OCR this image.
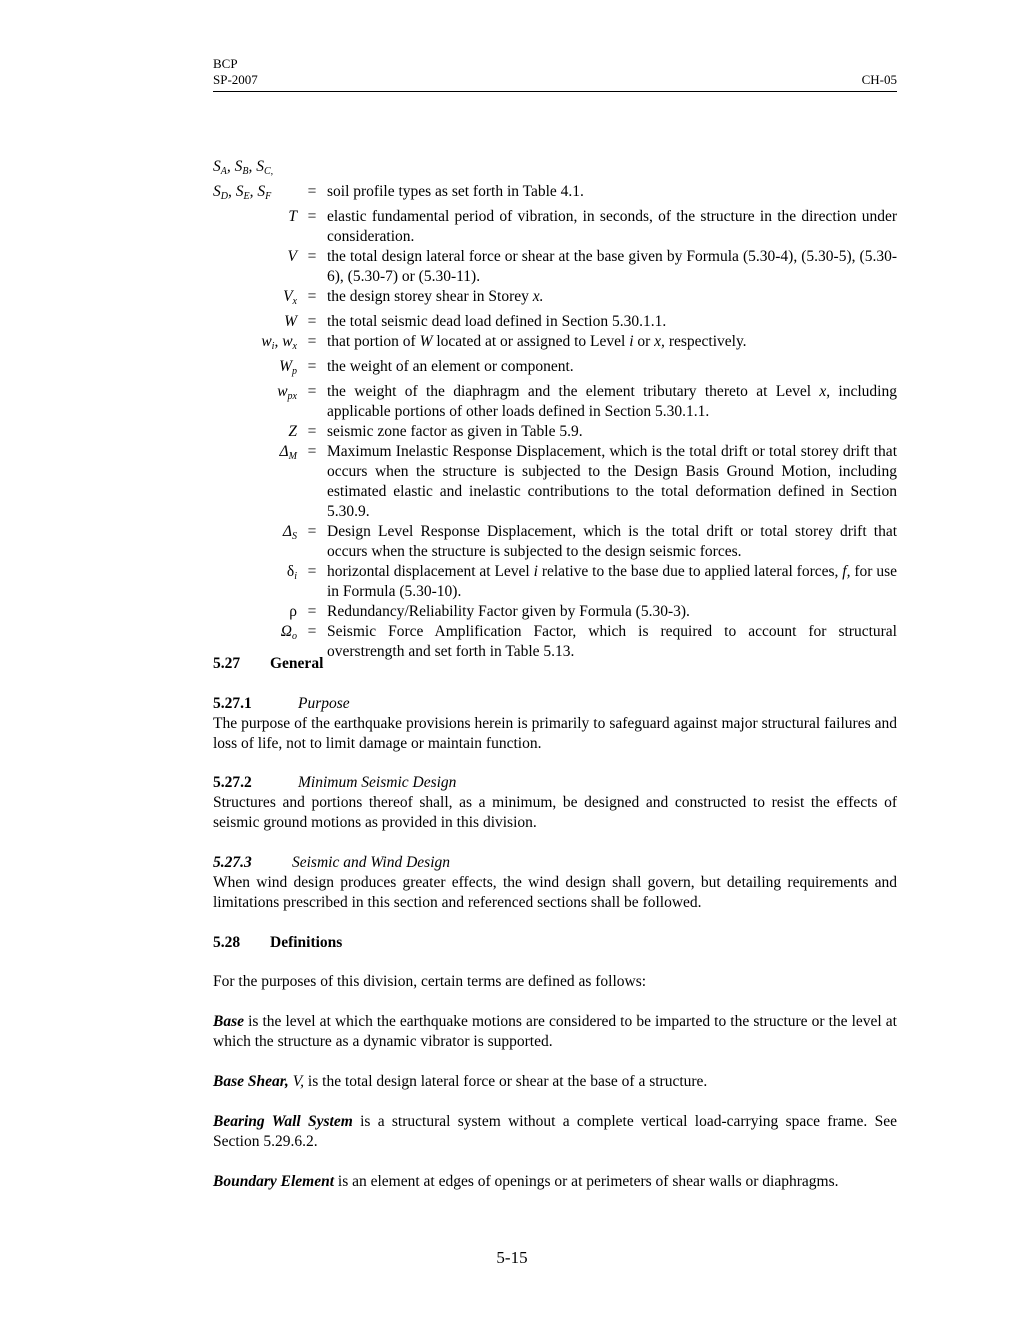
BCP
SP-2007	CH-05
$S_A$, $S_B$, $S_{C,}$
$S_D$, $S_E$, $S_F$	= soil profile types as set forth in Table 4.1.
T = elastic fundamental period of vibration, in seconds, of the structure in the direction under consideration.
V = the total design lateral force or shear at the base given by Formula (5.30-4), (5.30-5), (5.30-6), (5.30-7) or (5.30-11).
$V_x$ = the design storey shear in Storey x.
W = the total seismic dead load defined in Section 5.30.1.1.
$w_i$, $w_x$ = that portion of W located at or assigned to Level i or x, respectively.
$W_p$ = the weight of an element or component.
$w_{px}$ = the weight of the diaphragm and the element tributary thereto at Level x, including applicable portions of other loads defined in Section 5.30.1.1.
Z = seismic zone factor as given in Table 5.9.
$\Delta_M$ = Maximum Inelastic Response Displacement, which is the total drift or total storey drift that occurs when the structure is subjected to the Design Basis Ground Motion, including estimated elastic and inelastic contributions to the total deformation defined in Section 5.30.9.
$\Delta_S$ = Design Level Response Displacement, which is the total drift or total storey drift that occurs when the structure is subjected to the design seismic forces.
$\delta_i$ = horizontal displacement at Level i relative to the base due to applied lateral forces, f, for use in Formula (5.30-10).
ρ = Redundancy/Reliability Factor given by Formula (5.30-3).
$\Omega_o$ = Seismic Force Amplification Factor, which is required to account for structural overstrength and set forth in Table 5.13.
5.27 General
5.27.1	Purpose
The purpose of the earthquake provisions herein is primarily to safeguard against major structural failures and loss of life, not to limit damage or maintain function.
5.27.2	Minimum Seismic Design
Structures and portions thereof shall, as a minimum, be designed and constructed to resist the effects of seismic ground motions as provided in this division.
5.27.3	Seismic and Wind Design
When wind design produces greater effects, the wind design shall govern, but detailing requirements and limitations prescribed in this section and referenced sections shall be followed.
5.28 Definitions
For the purposes of this division, certain terms are defined as follows:
Base is the level at which the earthquake motions are considered to be imparted to the structure or the level at which the structure as a dynamic vibrator is supported.
Base Shear, V, is the total design lateral force or shear at the base of a structure.
Bearing Wall System is a structural system without a complete vertical load-carrying space frame. See Section 5.29.6.2.
Boundary Element is an element at edges of openings or at perimeters of shear walls or diaphragms.
5-15
